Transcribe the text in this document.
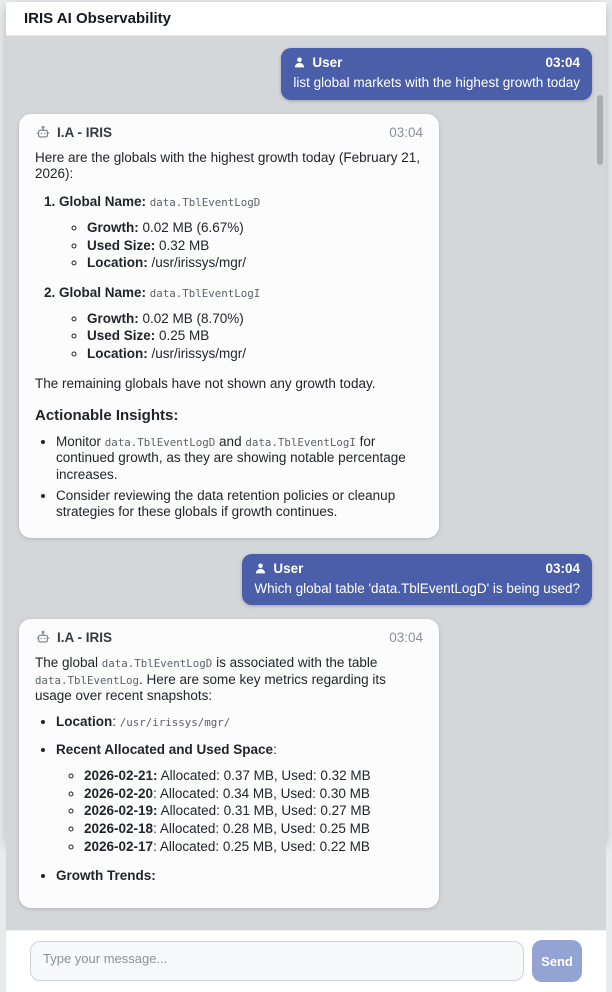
IRIS AI Observability
User	03:04
list global markets with the highest growth today
I.A - IRIS	03:04

Here are the globals with the highest growth today (February 21, 2026):

1. Global Name: data.TblEventLogD
◦ Growth: 0.02 MB (6.67%)
◦ Used Size: 0.32 MB
◦ Location: /usr/irissys/mgr/
2. Global Name: data.TblEventLogI
◦ Growth: 0.02 MB (8.70%)
◦ Used Size: 0.25 MB
◦ Location: /usr/irissys/mgr/

The remaining globals have not shown any growth today.

Actionable Insights:
• Monitor data.TblEventLogD and data.TblEventLogI for continued growth, as they are showing notable percentage increases.
• Consider reviewing the data retention policies or cleanup strategies for these globals if growth continues.
User	03:04
Which global table 'data.TblEventLogD' is being used?
I.A - IRIS	03:04

The global data.TblEventLogD is associated with the table data.TblEventLog. Here are some key metrics regarding its usage over recent snapshots:

• Location: /usr/irissys/mgr/
• Recent Allocated and Used Space:
◦ 2026-02-21: Allocated: 0.37 MB, Used: 0.32 MB
◦ 2026-02-20: Allocated: 0.34 MB, Used: 0.30 MB
◦ 2026-02-19: Allocated: 0.31 MB, Used: 0.27 MB
◦ 2026-02-18: Allocated: 0.28 MB, Used: 0.25 MB
◦ 2026-02-17: Allocated: 0.25 MB, Used: 0.22 MB
• Growth Trends:
Type your message...
Send
